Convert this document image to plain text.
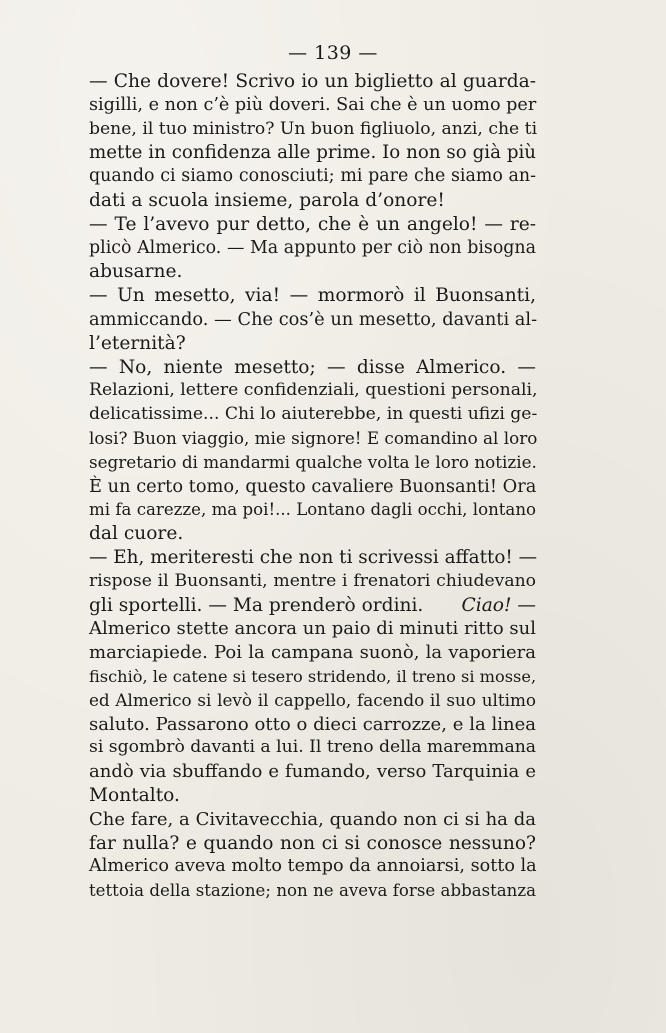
— 139 —
— Che dovere! Scrivo io un biglietto al guarda-
sigilli, e non c’è più doveri. Sai che è un uomo per
bene, il tuo ministro? Un buon figliuolo, anzi, che ti
mette in confidenza alle prime. Io non so già più
quando ci siamo conosciuti; mi pare che siamo an-
dati a scuola insieme, parola d’onore!
— Te l’avevo pur detto, che è un angelo! — re-
plicò Almerico. — Ma appunto per ciò non bisogna
abusarne.
— Un mesetto, via! — mormorò il Buonsanti,
ammiccando. — Che cos’è un mesetto, davanti al-
l’eternità?
— No, niente mesetto; — disse Almerico. —
Relazioni, lettere confidenziali, questioni personali,
delicatissime... Chi lo aiuterebbe, in questi ufizi ge-
losi? Buon viaggio, mie signore! E comandino al loro
segretario di mandarmi qualche volta le loro notizie.
È un certo tomo, questo cavaliere Buonsanti! Ora
mi fa carezze, ma poi!... Lontano dagli occhi, lontano
dal cuore.
— Eh, meriteresti che non ti scrivessi affatto! —
rispose il Buonsanti, mentre i frenatori chiudevano
gli sportelli. — Ma prenderò ordini. Ciao! —
Almerico stette ancora un paio di minuti ritto sul
marciapiede. Poi la campana suonò, la vaporiera
fischiò, le catene si tesero stridendo, il treno si mosse,
ed Almerico si levò il cappello, facendo il suo ultimo
saluto. Passarono otto o dieci carrozze, e la linea
si sgombrò davanti a lui. Il treno della maremmana
andò via sbuffando e fumando, verso Tarquinia e
Montalto.
Che fare, a Civitavecchia, quando non ci si ha da
far nulla? e quando non ci si conosce nessuno?
Almerico aveva molto tempo da annoiarsi, sotto la
tettoia della stazione; non ne aveva forse abbastanza
